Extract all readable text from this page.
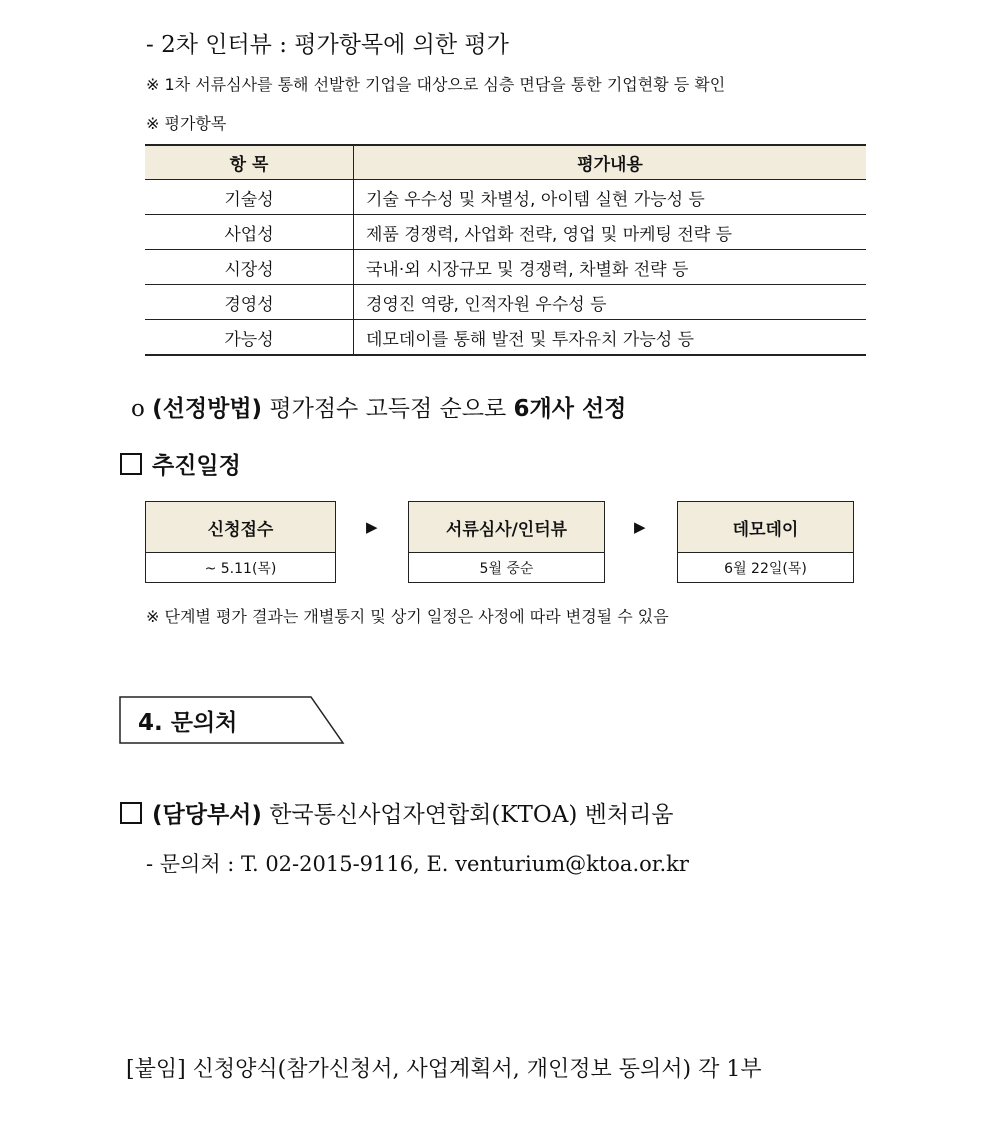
- 2차 인터뷰 : 평가항목에 의한 평가
※ 1차 서류심사를 통해 선발한 기업을 대상으로 심층 면담을 통한 기업현황 등 확인
※ 평가항목
항 목	평가내용
기술성	기술 우수성 및 차별성, 아이템 실현 가능성 등
사업성	제품 경쟁력, 사업화 전략, 영업 및 마케팅 전략 등
시장성	국내·외 시장규모 및 경쟁력, 차별화 전략 등
경영성	경영진 역량, 인적자원 우수성 등
가능성	데모데이를 통해 발전 및 투자유치 가능성 등
o (선정방법) 평가점수 고득점 순으로 6개사 선정
추진일정
신청접수
~ 5.11(목)
▶	서류심사/인터뷰
5월 중순
▶	데모데이
6월 22일(목)
※ 단계별 평가 결과는 개별통지 및 상기 일정은 사정에 따라 변경될 수 있음
4. 문의처
(담당부서) 한국통신사업자연합회(KTOA) 벤처리움
- 문의처 : T. 02-2015-9116, E. venturium@ktoa.or.kr
[붙임] 신청양식(참가신청서, 사업계획서, 개인정보 동의서) 각 1부
